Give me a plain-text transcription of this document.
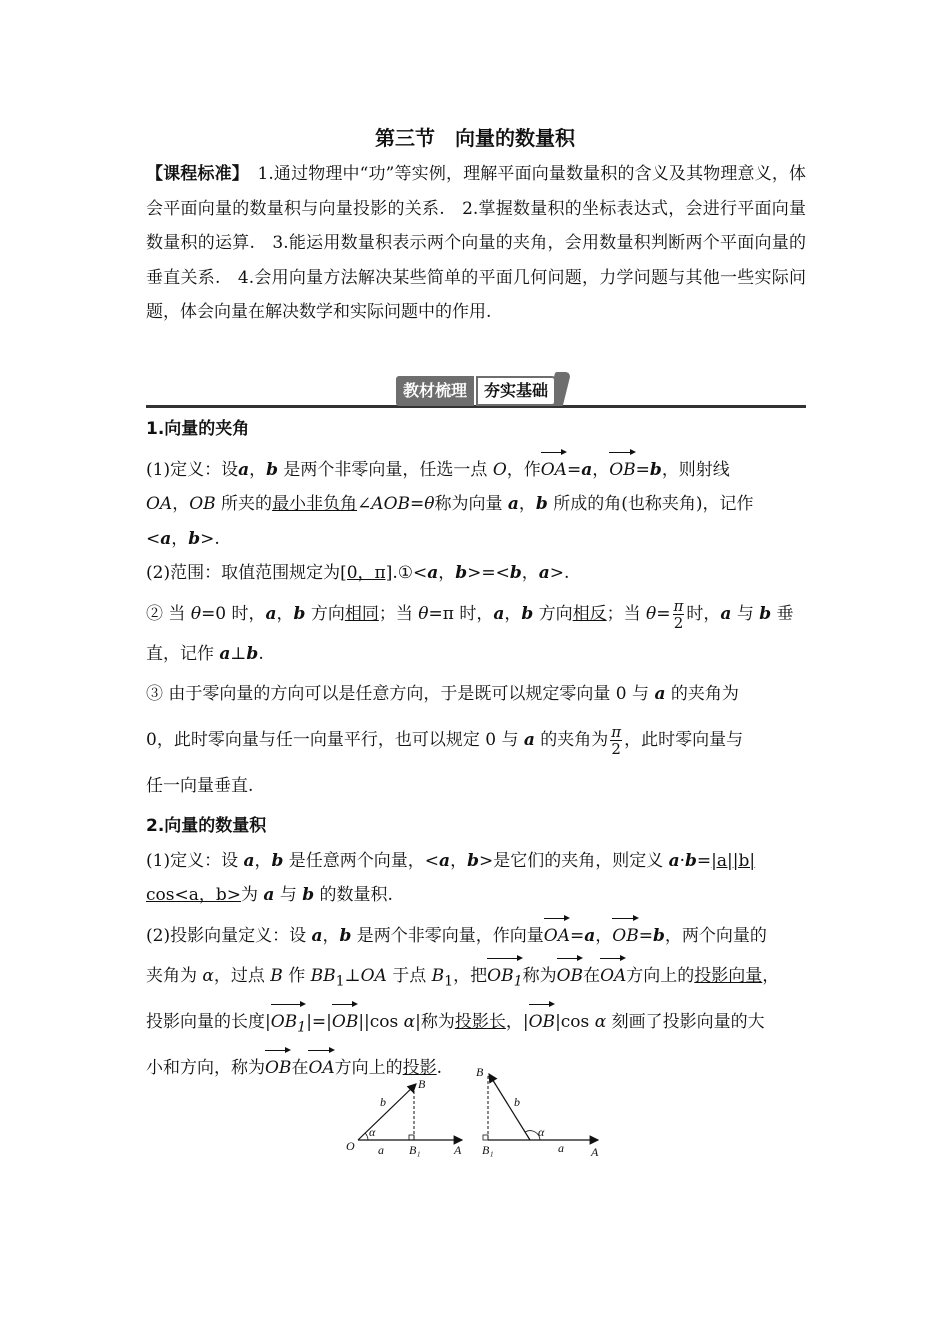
第三节　向量的数量积
【课程标准】　1.通过物理中“功”等实例，理解平面向量数量积的含义及其物理意义，体会平面向量的数量积与向量投影的关系.　2.掌握数量积的坐标表达式，会进行平面向量数量积的运算.　3.能运用数量积表示两个向量的夹角，会用数量积判断两个平面向量的垂直关系.　4.会用向量方法解决某些简单的平面几何问题，力学问题与其他一些实际问题，体会向量在解决数学和实际问题中的作用.
教材梳理	夯实基础

1.向量的夹角

(1)定义：设a，b 是两个非零向量，任选一点 O，作OA=a，OB=b，则射线
OA，OB 所夹的最小非负角∠AOB=θ称为向量 a，b 所成的角(也称夹角)，记作
<a，b>.

(2)范围：取值范围规定为[0，π].①<a，b>=<b，a>.

② 当 θ=0 时，a，b 方向相同；当 θ=π 时，a，b 方向相反；当 $\theta= \frac{\pi}{2}$ 时，a 与 b 垂

直，记作 a⊥b.

③ 由于零向量的方向可以是任意方向，于是既可以规定零向量 0 与 a 的夹角为
0，此时零向量与任一向量平行，也可以规定 0 与 a 的夹角为 $\frac{\pi}{2}$ ，此时零向量与
任一向量垂直.

2.向量的数量积

(1)定义：设 a，b 是任意两个向量，<a，b>是它们的夹角，则定义 a·b=|a||b|
cos<a，b>为 a 与 b 的数量积.

(2)投影向量定义：设 a，b 是两个非零向量，作向量OA=a，OB=b，两个向量的
夹角为 α，过点 B 作 $BB_1\perp OA$ 于点 $B_1$，把$OB_1$称为OB在OA方向上的投影向量，
投影向量的长度$|OB_1|=|OB||\cos$ α|称为投影长，|OB|cos α 刻画了投影向量的大
小和方向，称为OB在OA方向上的投影.

O
α
b
B
a B₁	A
B
b
α
B₁	a A
